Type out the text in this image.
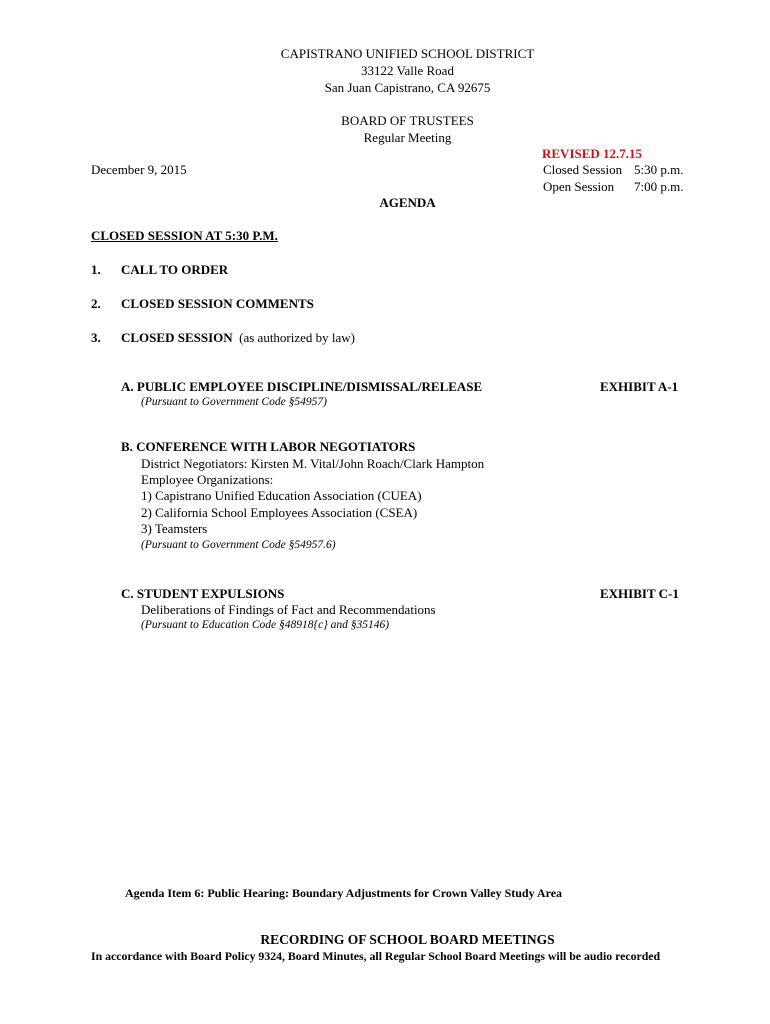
CAPISTRANO UNIFIED SCHOOL DISTRICT
33122 Valle Road
San Juan Capistrano, CA 92675
BOARD OF TRUSTEES
Regular Meeting
REVISED 12.7.15
December 9, 2015	Closed Session 5:30 p.m.
Open Session 7:00 p.m.
AGENDA
CLOSED SESSION AT 5:30 P.M.
1. CALL TO ORDER
2. CLOSED SESSION COMMENTS
3. CLOSED SESSION (as authorized by law)
A. PUBLIC EMPLOYEE DISCIPLINE/DISMISSAL/RELEASE	EXHIBIT A-1
(Pursuant to Government Code §54957)
B. CONFERENCE WITH LABOR NEGOTIATORS
District Negotiators: Kirsten M. Vital/John Roach/Clark Hampton
Employee Organizations:
1) Capistrano Unified Education Association (CUEA)
2) California School Employees Association (CSEA)
3) Teamsters
(Pursuant to Government Code §54957.6)
C. STUDENT EXPULSIONS	EXHIBIT C-1
Deliberations of Findings of Fact and Recommendations
(Pursuant to Education Code §48918{c} and §35146)
Agenda Item 6: Public Hearing: Boundary Adjustments for Crown Valley Study Area
RECORDING OF SCHOOL BOARD MEETINGS
In accordance with Board Policy 9324, Board Minutes, all Regular School Board Meetings will be audio recorded
